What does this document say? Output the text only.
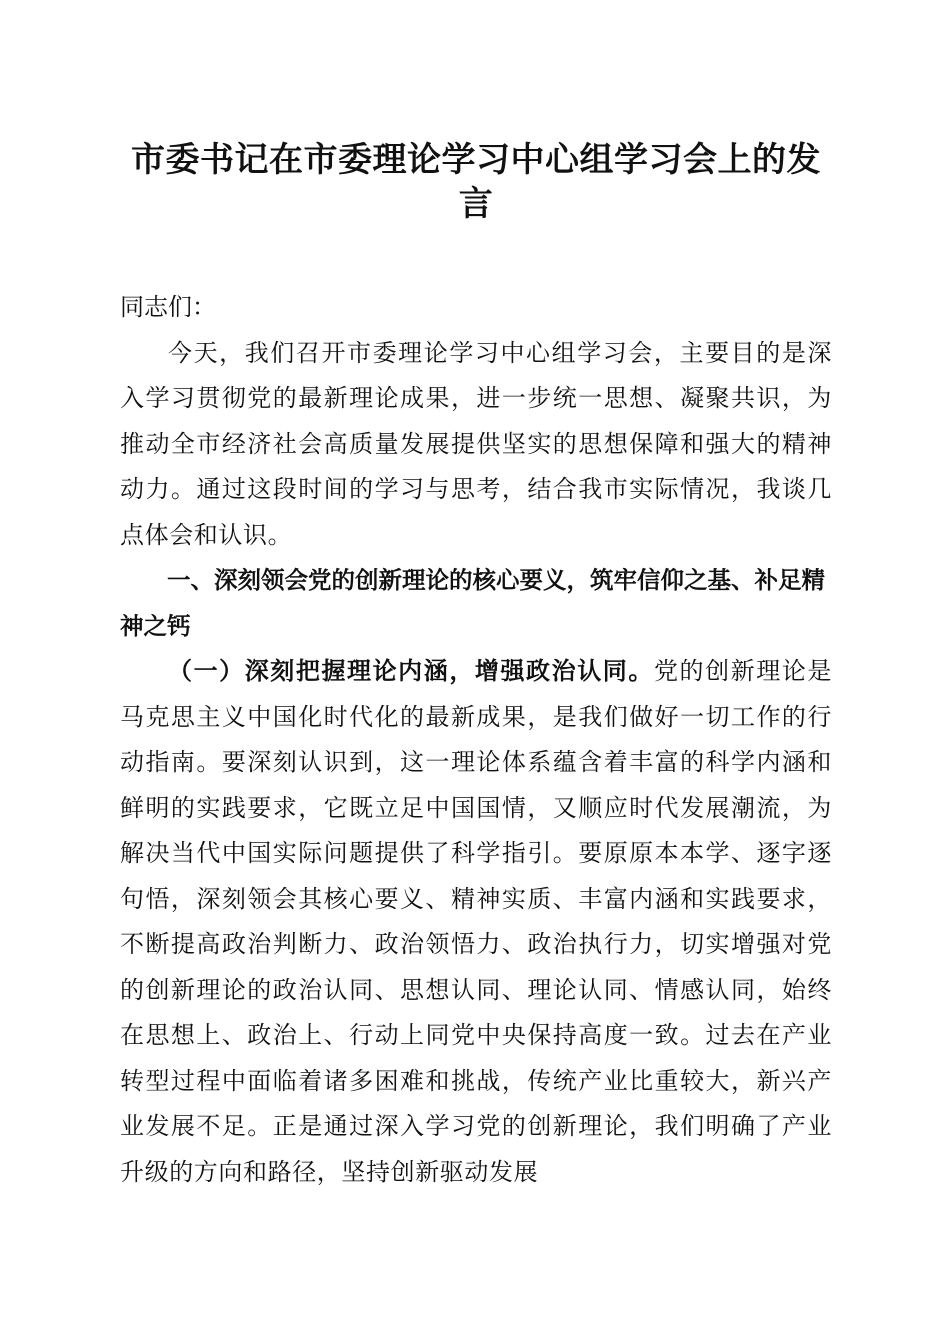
市委书记在市委理论学习中心组学习会上的发
言
同志们：

今天，我们召开市委理论学习中心组学习会，主要目的是深入学习贯彻党的最新理论成果，进一步统一思想、凝聚共识，为推动全市经济社会高质量发展提供坚实的思想保障和强大的精神动力。通过这段时间的学习与思考，结合我市实际情况，我谈几点体会和认识。

一、深刻领会党的创新理论的核心要义，筑牢信仰之基、补足精神之钙

（一）深刻把握理论内涵，增强政治认同。党的创新理论是马克思主义中国化时代化的最新成果，是我们做好一切工作的行动指南。要深刻认识到，这一理论体系蕴含着丰富的科学内涵和鲜明的实践要求，它既立足中国国情，又顺应时代发展潮流，为解决当代中国实际问题提供了科学指引。要原原本本学、逐字逐句悟，深刻领会其核心要义、精神实质、丰富内涵和实践要求，不断提高政治判断力、政治领悟力、政治执行力，切实增强对党的创新理论的政治认同、思想认同、理论认同、情感认同，始终在思想上、政治上、行动上同党中央保持高度一致。过去在产业转型过程中面临着诸多困难和挑战，传统产业比重较大，新兴产业发展不足。正是通过深入学习党的创新理论，我们明确了产业升级的方向和路径，坚持创新驱动发展
